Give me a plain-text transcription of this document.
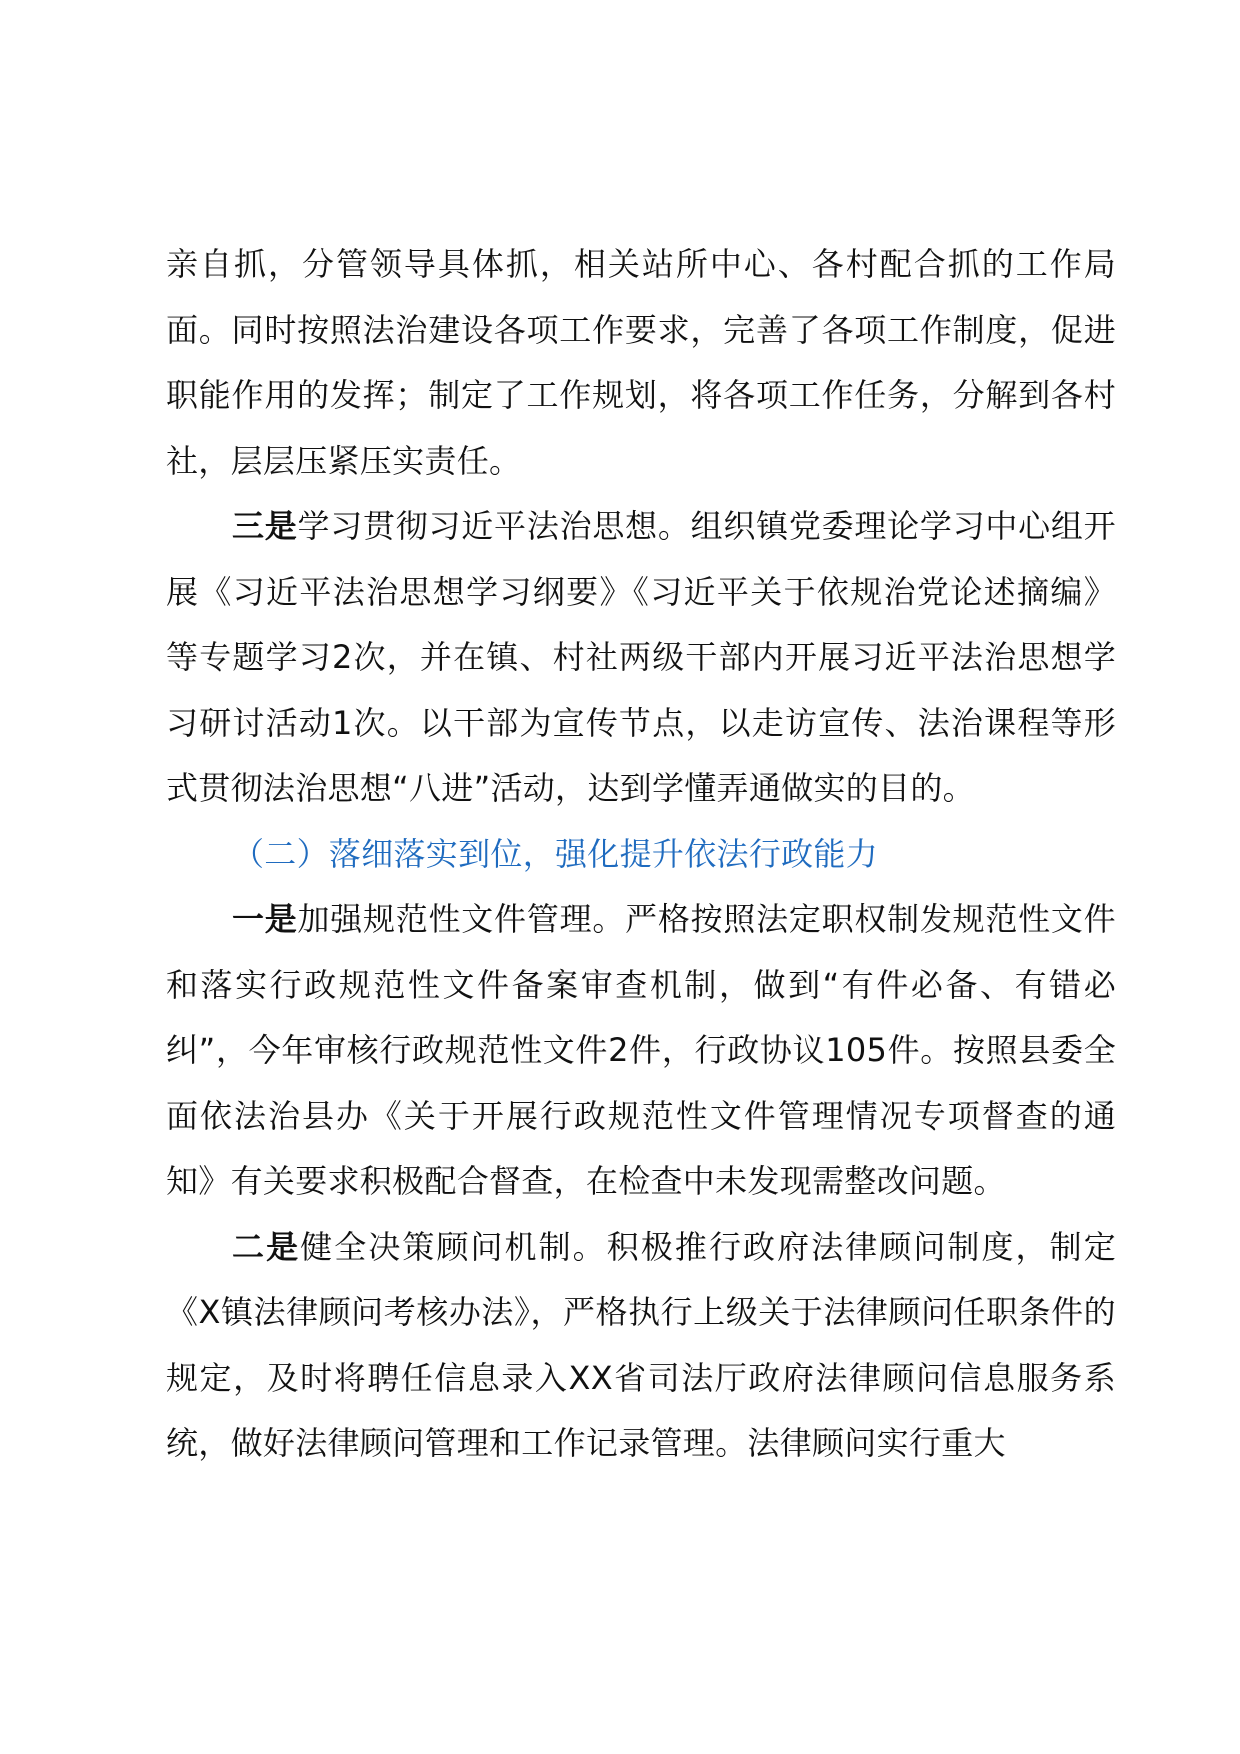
亲自抓，分管领导具体抓，相关站所中心、各村配合抓的工作局面。同时按照法治建设各项工作要求，完善了各项工作制度，促进职能作用的发挥；制定了工作规划，将各项工作任务，分解到各村社，层层压紧压实责任。

三是学习贯彻习近平法治思想。组织镇党委理论学习中心组开展《习近平法治思想学习纲要》《习近平关于依规治党论述摘编》等专题学习2次，并在镇、村社两级干部内开展习近平法治思想学习研讨活动1次。以干部为宣传节点，以走访宣传、法治课程等形式贯彻法治思想“八进”活动，达到学懂弄通做实的目的。

（二）落细落实到位，强化提升依法行政能力

一是加强规范性文件管理。严格按照法定职权制发规范性文件和落实行政规范性文件备案审查机制，做到“有件必备、有错必纠”，今年审核行政规范性文件2件，行政协议105件。按照县委全面依法治县办《关于开展行政规范性文件管理情况专项督查的通知》有关要求积极配合督查，在检查中未发现需整改问题。

二是健全决策顾问机制。积极推行政府法律顾问制度，制定《X镇法律顾问考核办法》，严格执行上级关于法律顾问任职条件的规定，及时将聘任信息录入XX省司法厅政府法律顾问信息服务系统，做好法律顾问管理和工作记录管理。法律顾问实行重大
